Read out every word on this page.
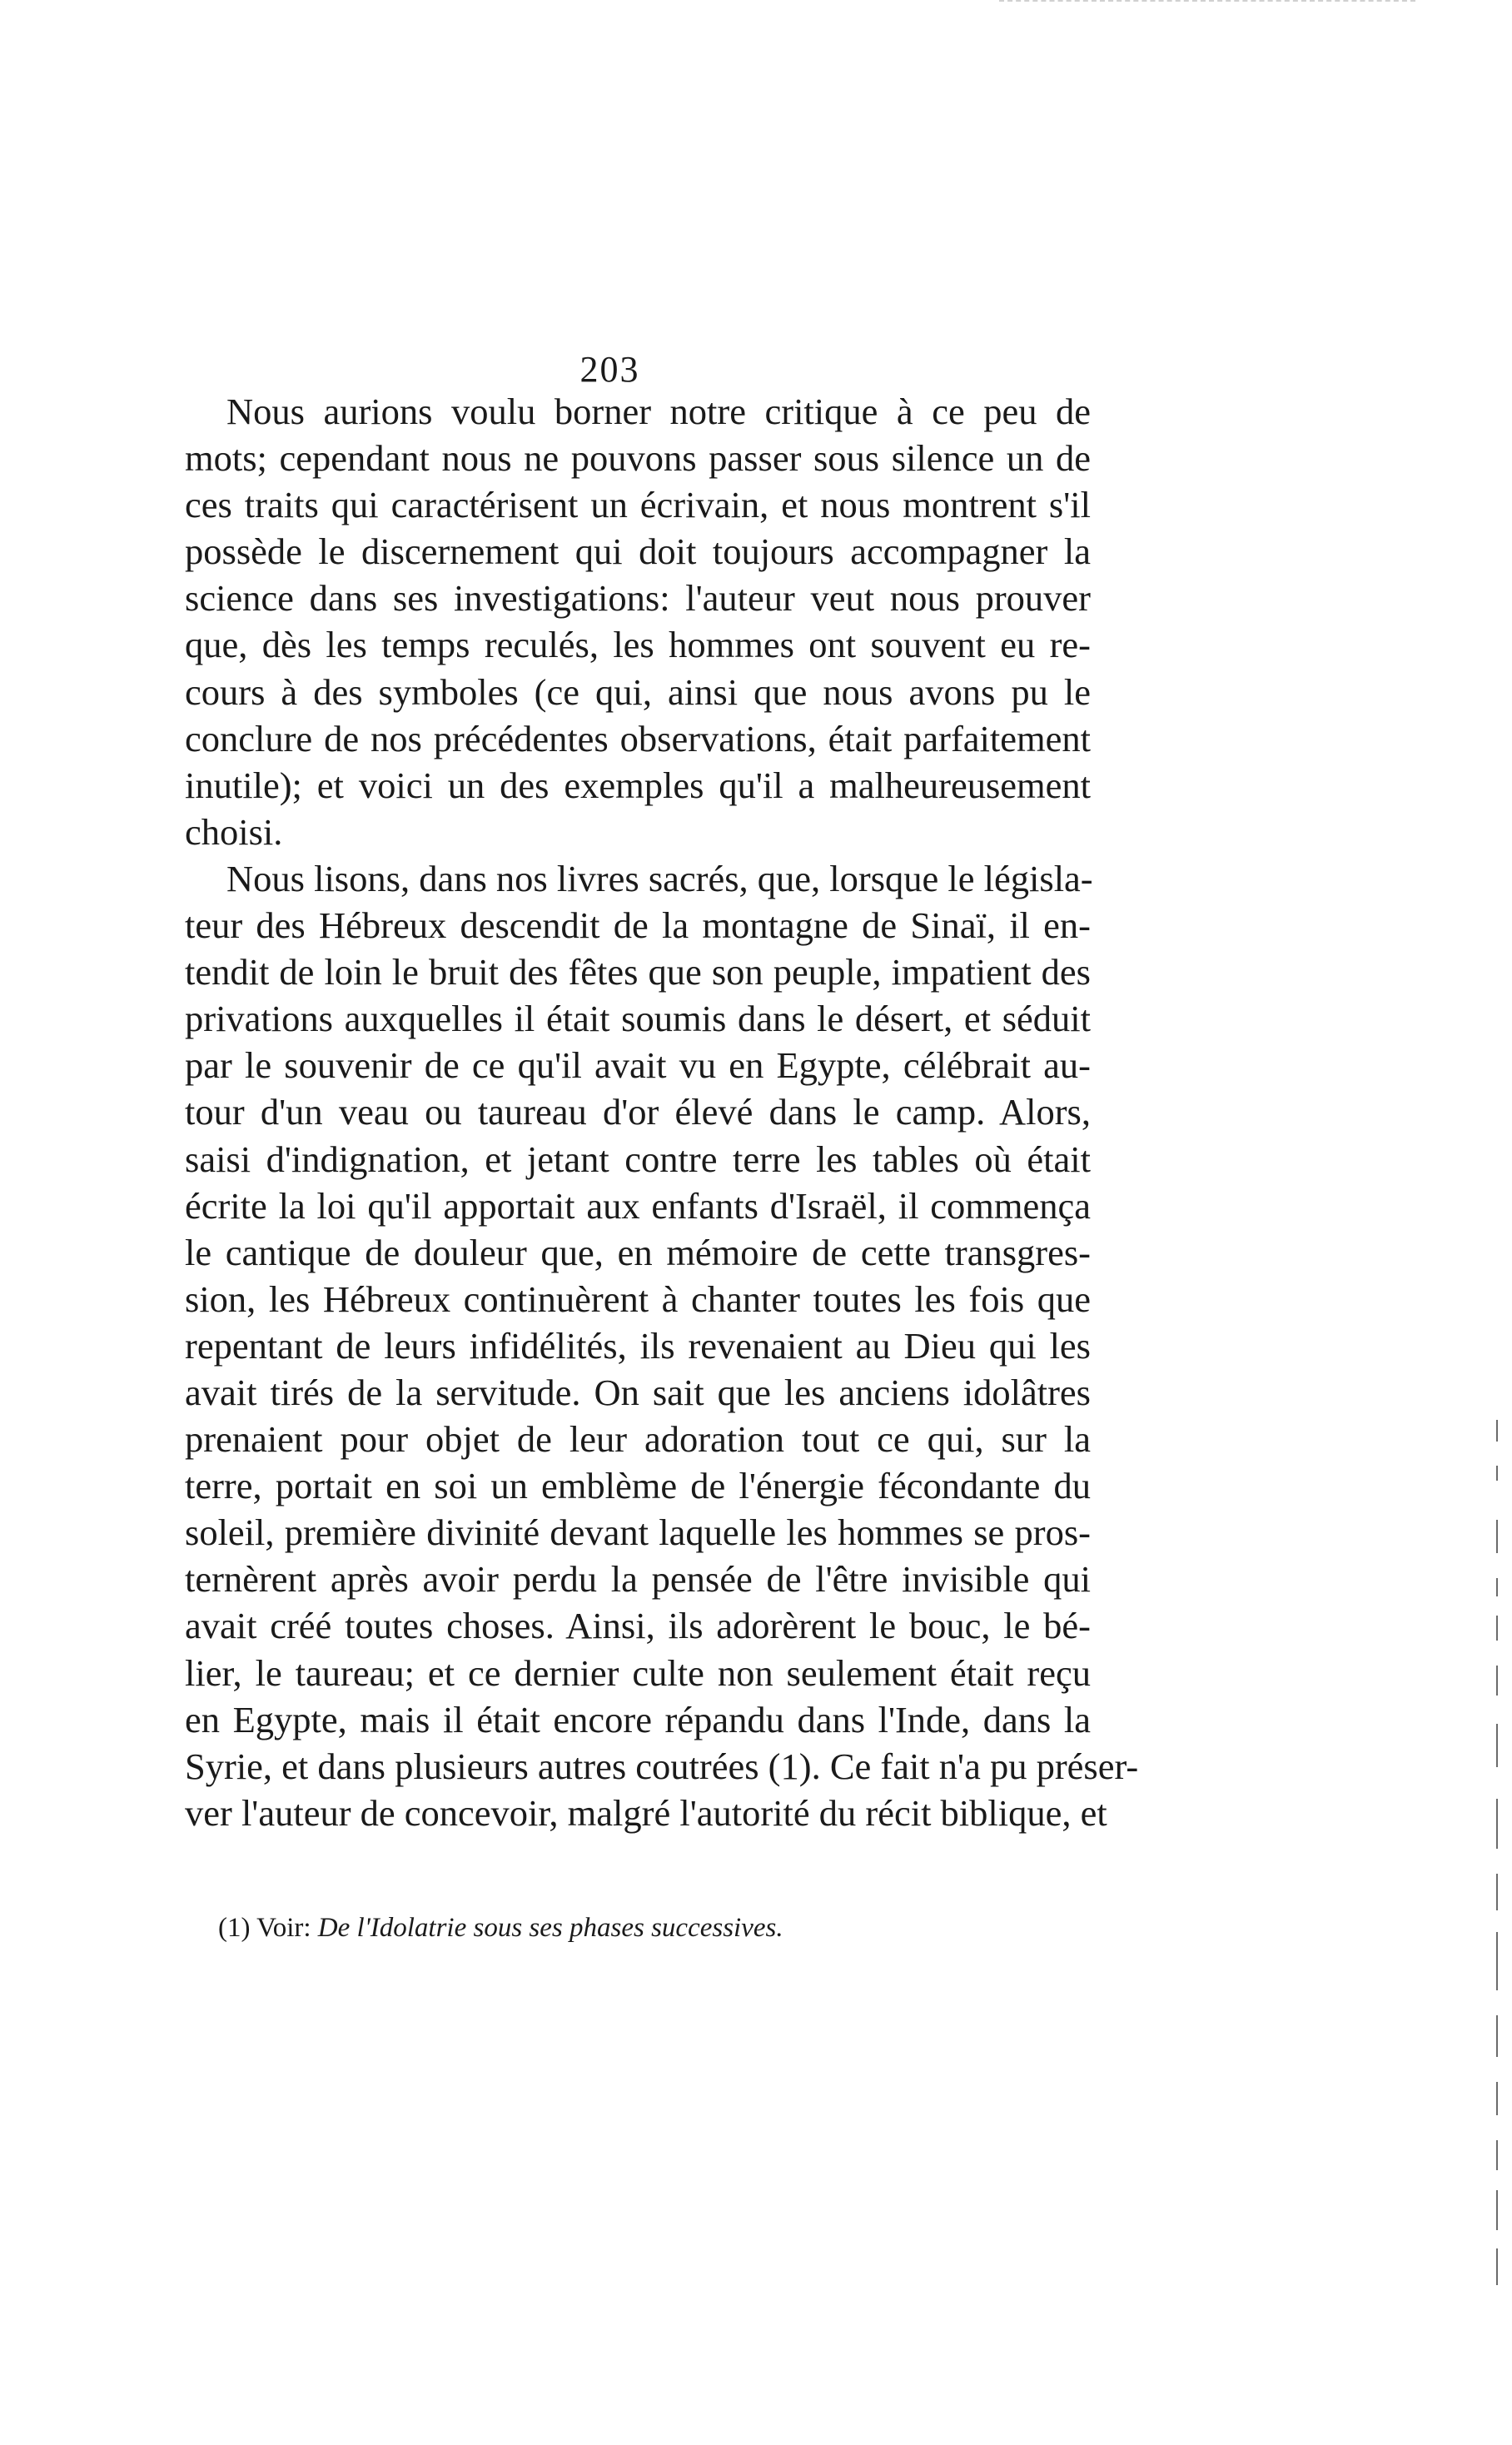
203
Nous aurions voulu borner notre critique à ce peu de
mots; cependant nous ne pouvons passer sous silence un de
ces traits qui caractérisent un écrivain, et nous montrent s'il
possède le discernement qui doit toujours accompagner la
science dans ses investigations: l'auteur veut nous prouver
que, dès les temps reculés, les hommes ont souvent eu re-
cours à des symboles (ce qui, ainsi que nous avons pu le
conclure de nos précédentes observations, était parfaitement
inutile); et voici un des exemples qu'il a malheureusement
choisi.
Nous lisons, dans nos livres sacrés, que, lorsque le législa-
teur des Hébreux descendit de la montagne de Sinaï, il en-
tendit de loin le bruit des fêtes que son peuple, impatient des
privations auxquelles il était soumis dans le désert, et séduit
par le souvenir de ce qu'il avait vu en Egypte, célébrait au-
tour d'un veau ou taureau d'or élevé dans le camp. Alors,
saisi d'indignation, et jetant contre terre les tables où était
écrite la loi qu'il apportait aux enfants d'Israël, il commença
le cantique de douleur que, en mémoire de cette transgres-
sion, les Hébreux continuèrent à chanter toutes les fois que
repentant de leurs infidélités, ils revenaient au Dieu qui les
avait tirés de la servitude. On sait que les anciens idolâtres
prenaient pour objet de leur adoration tout ce qui, sur la
terre, portait en soi un emblème de l'énergie fécondante du
soleil, première divinité devant laquelle les hommes se pros-
ternèrent après avoir perdu la pensée de l'être invisible qui
avait créé toutes choses. Ainsi, ils adorèrent le bouc, le bé-
lier, le taureau; et ce dernier culte non seulement était reçu
en Egypte, mais il était encore répandu dans l'Inde, dans la
Syrie, et dans plusieurs autres coutrées (1). Ce fait n'a pu préser-
ver l'auteur de concevoir, malgré l'autorité du récit biblique, et
(1) Voir: De l'Idolatrie sous ses phases successives.
